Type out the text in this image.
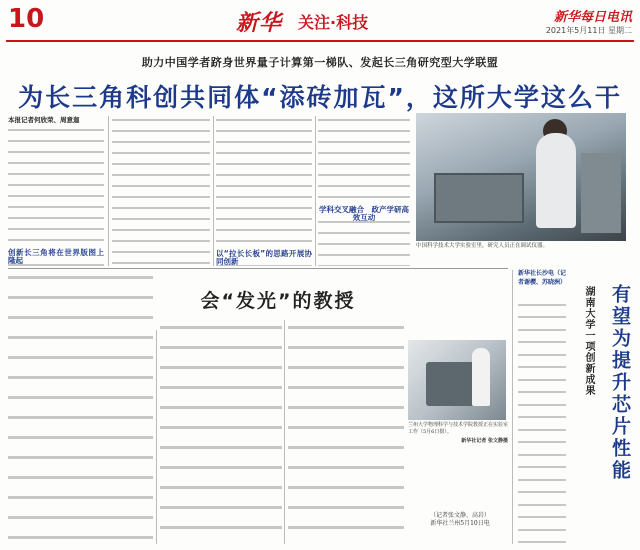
10	新华 关注·科技	新华每日电讯
2021年5月11日 星期二
助力中国学者跻身世界量子计算第一梯队、发起长三角研究型大学联盟
为长三角科创共同体“添砖加瓦”，这所大学这么干
本报记者何欣荣、周意迦
创新长三角将在世界版图上隆起
以“拉长长板”的思路开展协同创新
学科交叉融合　政产学研高效互动
中国科学技术大学实验室里，研究人员正在调试仪器。
会“发光”的教授
兰州大学物理科学与技术学院教授正在实验室工作（5月6日摄）。
新华社记者 张文静摄
（记者张文静、高岩）
新华社兰州5月10日电
新华社长沙电（记者谢樱、苏晓洲）
湖南大学一项创新成果 有望为提升芯片性能
